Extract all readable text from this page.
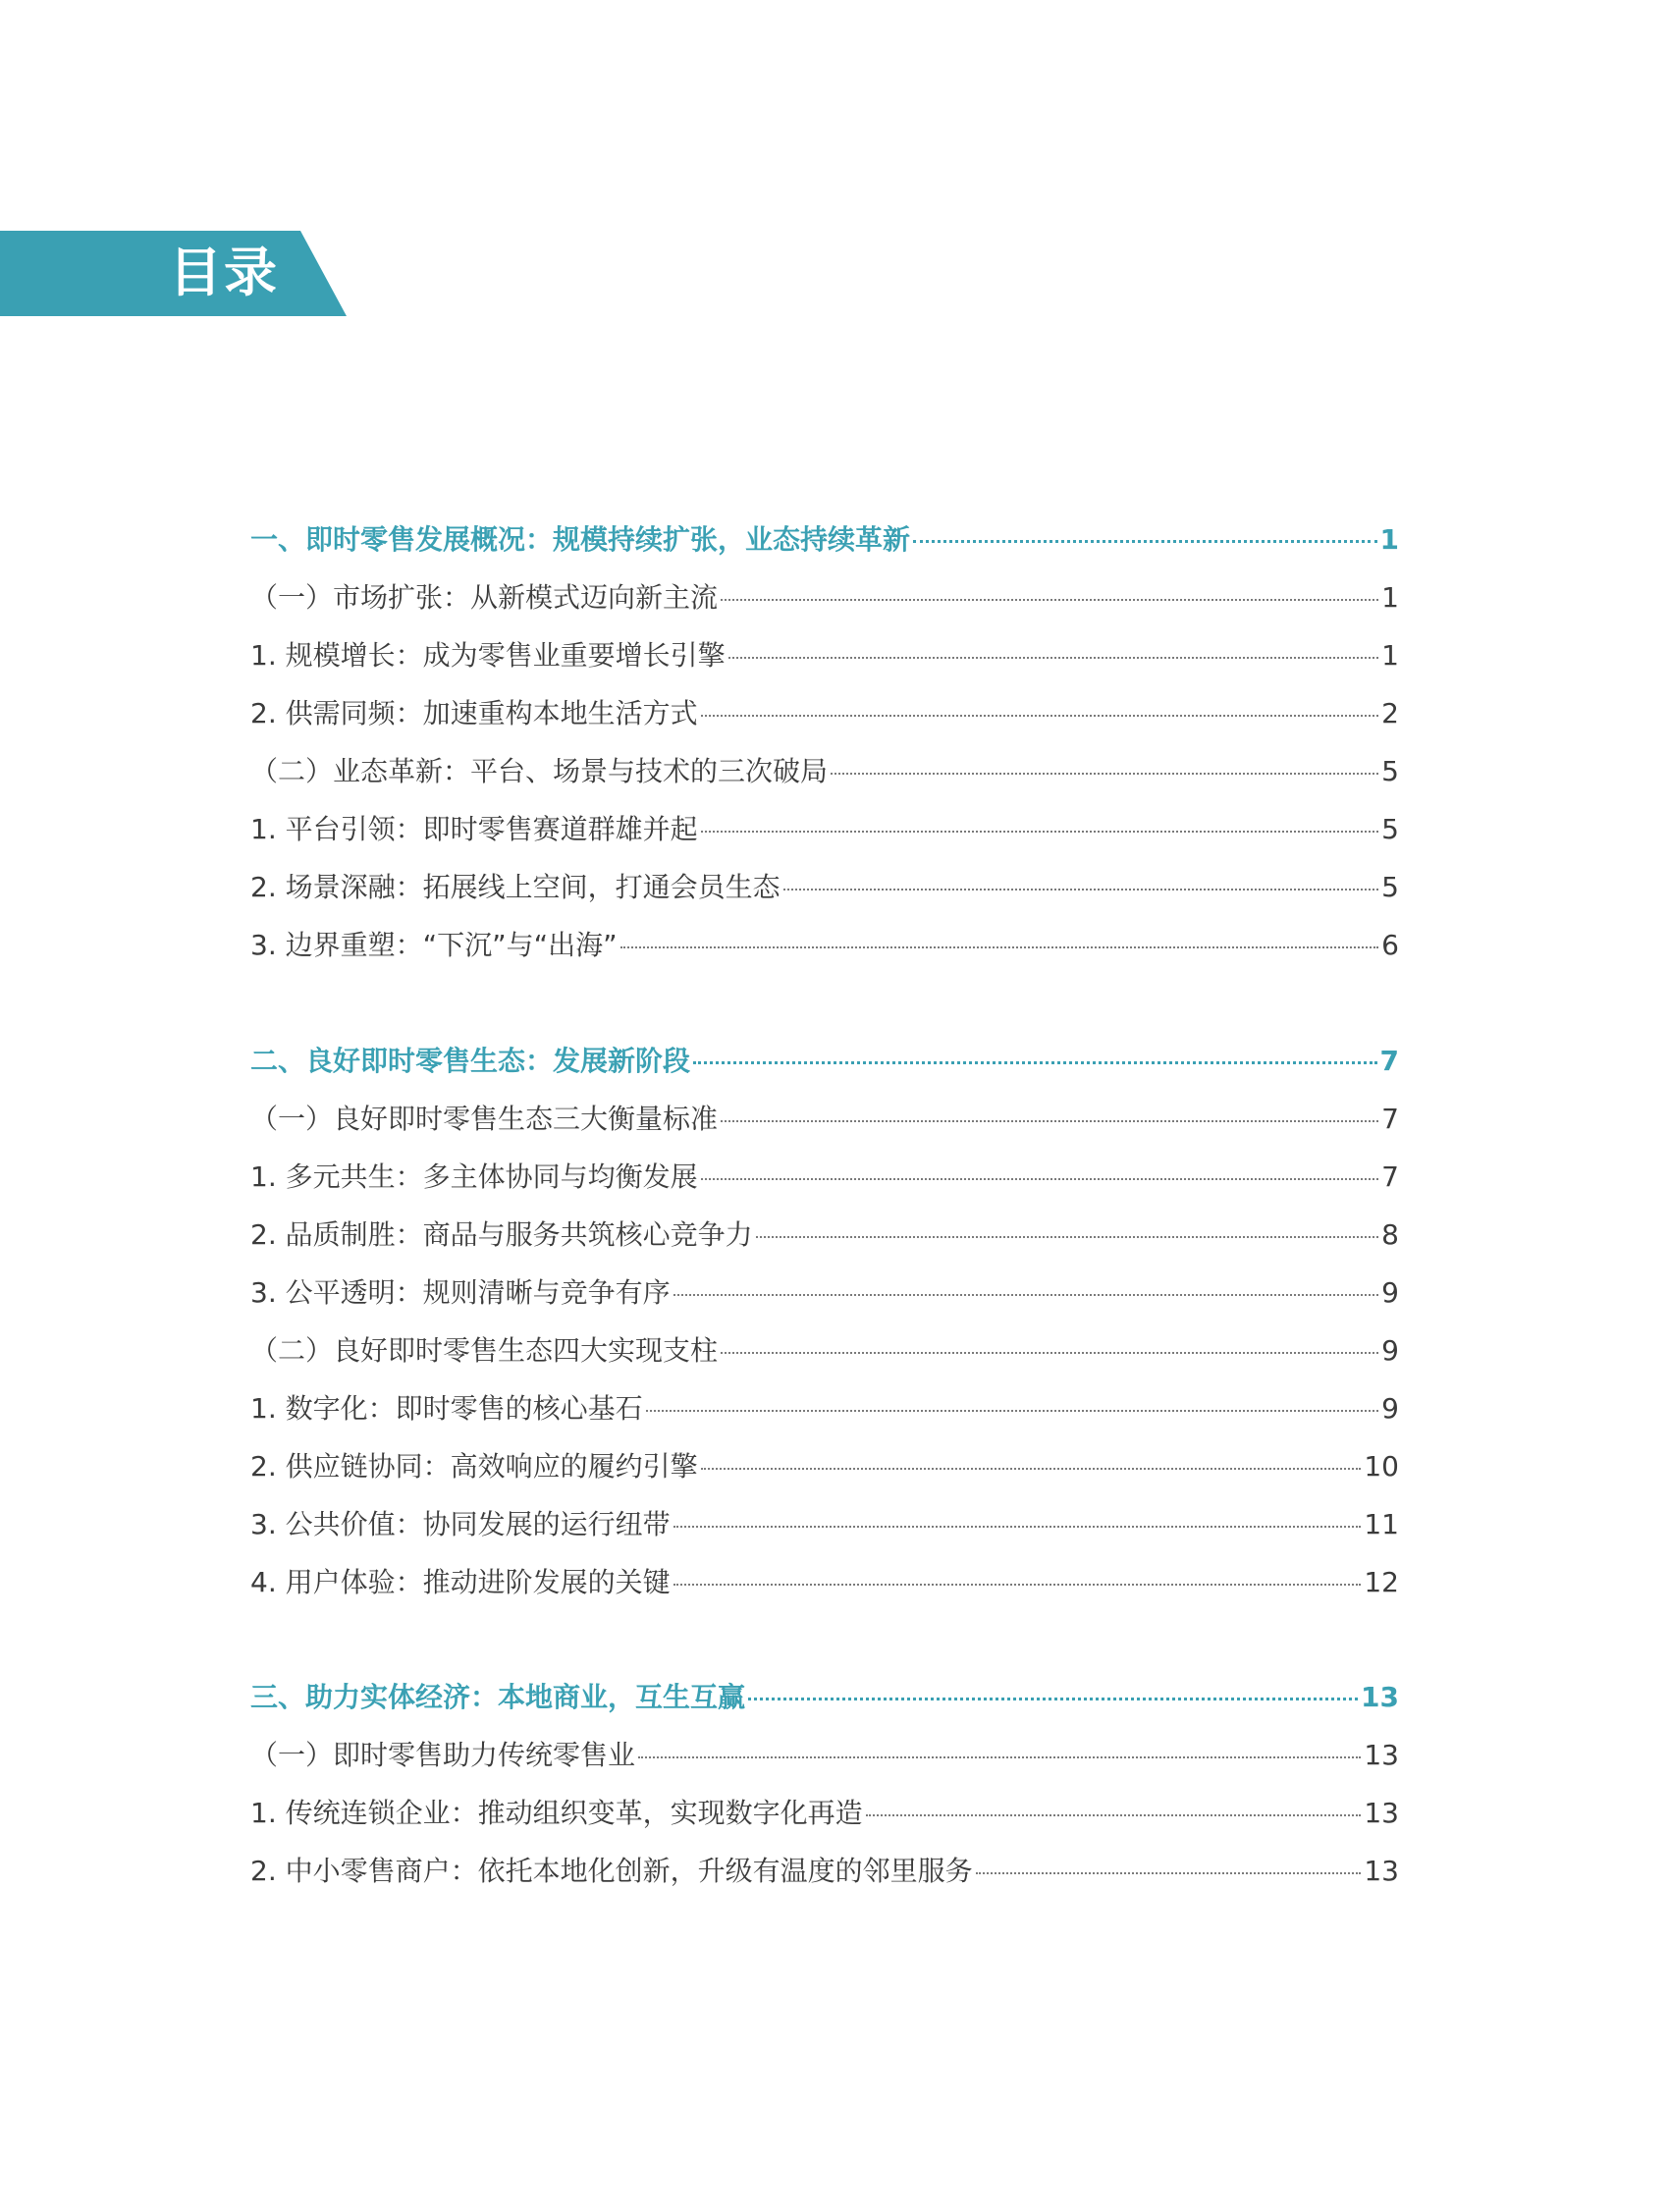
目录
一、即时零售发展概况：规模持续扩张，业态持续革新	1
（一）市场扩张：从新模式迈向新主流	1
1. 规模增长：成为零售业重要增长引擎	1
2. 供需同频：加速重构本地生活方式	2
（二）业态革新：平台、场景与技术的三次破局	5
1. 平台引领：即时零售赛道群雄并起	5
2. 场景深融：拓展线上空间，打通会员生态	5
3. 边界重塑：“下沉”与“出海”	6
二、良好即时零售生态：发展新阶段	7
（一）良好即时零售生态三大衡量标准	7
1. 多元共生：多主体协同与均衡发展	7
2. 品质制胜：商品与服务共筑核心竞争力	8
3. 公平透明：规则清晰与竞争有序	9
（二）良好即时零售生态四大实现支柱	9
1. 数字化：即时零售的核心基石	9
2. 供应链协同：高效响应的履约引擎	10
3. 公共价值：协同发展的运行纽带	11
4. 用户体验：推动进阶发展的关键	12
三、助力实体经济：本地商业，互生互赢	13
（一）即时零售助力传统零售业	13
1. 传统连锁企业：推动组织变革，实现数字化再造	13
2. 中小零售商户：依托本地化创新，升级有温度的邻里服务	13
